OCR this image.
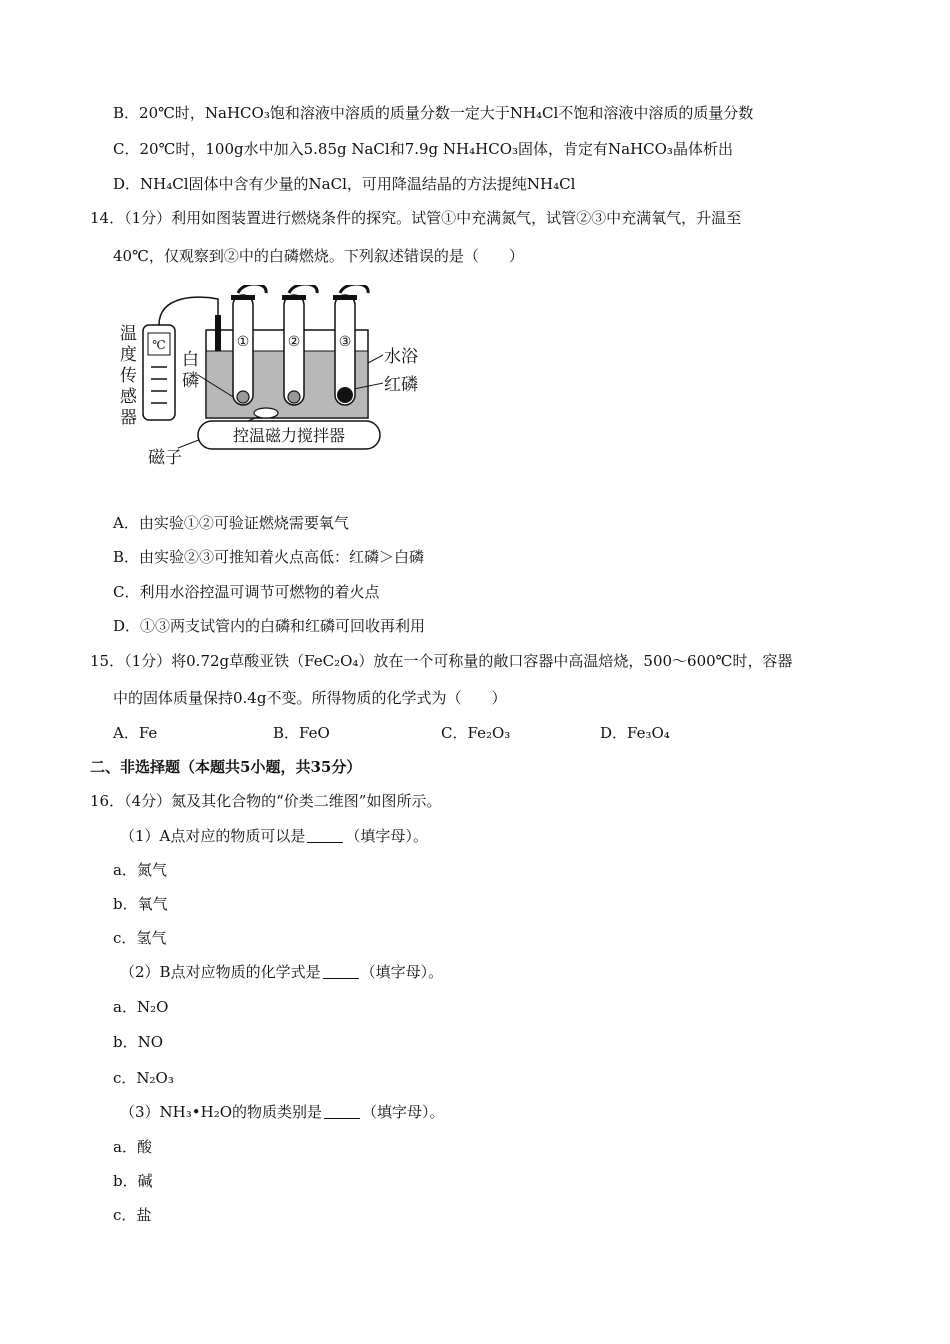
B．20℃时，NaHCO₃饱和溶液中溶质的质量分数一定大于NH₄Cl不饱和溶液中溶质的质量分数
C．20℃时，100g水中加入5.85g NaCl和7.9g NH₄HCO₃固体，肯定有NaHCO₃晶体析出
D．NH₄Cl固体中含有少量的NaCl，可用降温结晶的方法提纯NH₄Cl
14．（1分）利用如图装置进行燃烧条件的探究。试管①中充满氮气，试管②③中充满氧气，升温至
40℃，仅观察到②中的白磷燃烧。下列叙述错误的是（　　）
℃
温度传感器
白磷
①	②	③
水浴
红磷
控温磁力搅拌器
磁子
A．由实验①②可验证燃烧需要氧气
B．由实验②③可推知着火点高低：红磷＞白磷
C．利用水浴控温可调节可燃物的着火点
D．①③两支试管内的白磷和红磷可回收再利用
15．（1分）将0.72g草酸亚铁（FeC₂O₄）放在一个可称量的敞口容器中高温焙烧，500～600℃时，容器
中的固体质量保持0.4g不变。所得物质的化学式为（　　）
A．Fe	B．FeO	C．Fe₂O₃	D．Fe₃O₄
二、非选择题（本题共5小题，共35分）
16．（4分）氮及其化合物的“价类二维图”如图所示。
（1）A点对应的物质可以是	（填字母）。
a．氮气
b．氧气
c．氢气
（2）B点对应物质的化学式是	（填字母）。
a．N₂O
b．NO
c．N₂O₃
（3）NH₃•H₂O的物质类别是	（填字母）。
a．酸
b．碱
c．盐
